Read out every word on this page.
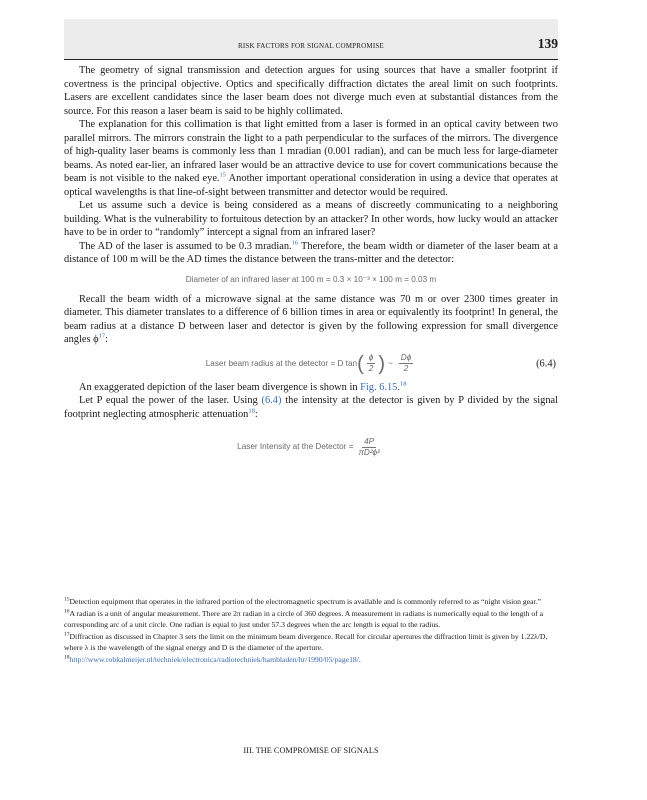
RISK FACTORS FOR SIGNAL COMPROMISE	139

The geometry of signal transmission and detection argues for using sources that have a smaller footprint if covertness is the principal objective. Optics and specifically diffraction dictates the areal limit on such footprints. Lasers are excellent candidates since the laser beam does not diverge much even at substantial distances from the source. For this reason a laser beam is said to be highly collimated.

The explanation for this collimation is that light emitted from a laser is formed in an optical cavity between two parallel mirrors. The mirrors constrain the light to a path perpendicular to the surfaces of the mirrors. The divergence of high-quality laser beams is commonly less than 1 mradian (0.001 radian), and can be much less for large-diameter beams. As noted ear-lier, an infrared laser would be an attractive device to use for covert communications because the beam is not visible to the naked eye.$^{15}$ Another important operational consideration in using a device that operates at optical wavelengths is that line-of-sight between transmitter and detector would be required.

Let us assume such a device is being considered as a means of discreetly communicating to a neighboring building. What is the vulnerability to fortuitous detection by an attacker? In other words, how lucky would an attacker have to be in order to “randomly” intercept a signal from an infrared laser?

The AD of the laser is assumed to be 0.3 mradian.$^{16}$ Therefore, the beam width or diameter of the laser beam at a distance of 100 m will be the AD times the distance between the trans-mitter and the detector:

Diameter of an infrared laser at 100 m = 0.3 × 10⁻³ × 100 m = 0.03 m

Recall the beam width of a microwave signal at the same distance was 70 m or over 2300 times greater in diameter. This diameter translates to a difference of 6 billion times in area or equivalently its footprint! In general, the beam radius at a distance D between laser and detector is given by the following expression for small divergence angles ϕ$^{17}$:

Laser beam radius at the detector = D tan ( $\frac{\phi}{2}$ ) ~ $\frac{D\phi}{2}$	(6.4)

An exaggerated depiction of the laser beam divergence is shown in Fig. 6.15.18

Let P equal the power of the laser. Using (6.4) the intensity at the detector is given by P divided by the signal footprint neglecting atmospheric attenuation$^{18}$:

Laser Intensity at the Detector = $\frac{4P}{\text{πD²ϕ²}}$

$^{15}$Detection equipment that operates in the infrared portion of the electromagnetic spectrum is available and is commonly referred to as “night vision gear.”

$^{16}$A radian is a unit of angular measurement. There are 2π radian in a circle of 360 degrees. A measurement in radians is numerically equal to the length of a corresponding arc of a unit circle. One radian is equal to just under 57.3 degrees when the arc length is equal to the radius.

$^{17}$Diffraction as discussed in Chapter 3 sets the limit on the minimum beam divergence. Recall for circular apertures the diffraction limit is given by 1.22λ/D, where λ is the wavelength of the signal energy and D is the diameter of the aperture.

$^{18}$http://www.robkalmeijer.nl/techniek/electronica/radiotechniek/hambladen/hr/1990/05/page18/.

III. THE COMPROMISE OF SIGNALS
